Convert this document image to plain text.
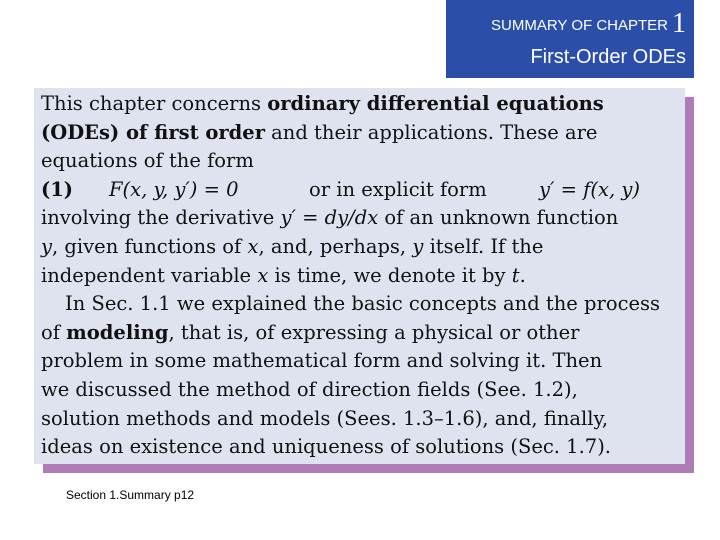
SUMMARY OF CHAPTER 1
First-Order ODEs

This chapter concerns ordinary differential equations

(ODEs) of first order and their applications. These are

equations of the form

(1) F(x, y, y′) = 0	or in explicit form	y′ = f(x, y)

involving the derivative y′ = dy/dx of an unknown function

y, given functions of x, and, perhaps, y itself. If the

independent variable x is time, we denote it by t.

In Sec. 1.1 we explained the basic concepts and the process

of modeling, that is, of expressing a physical or other

problem in some mathematical form and solving it. Then

we discussed the method of direction fields (See. 1.2),

solution methods and models (Sees. 1.3–1.6), and, finally,

ideas on existence and uniqueness of solutions (Sec. 1.7).

Section 1.Summary p12
